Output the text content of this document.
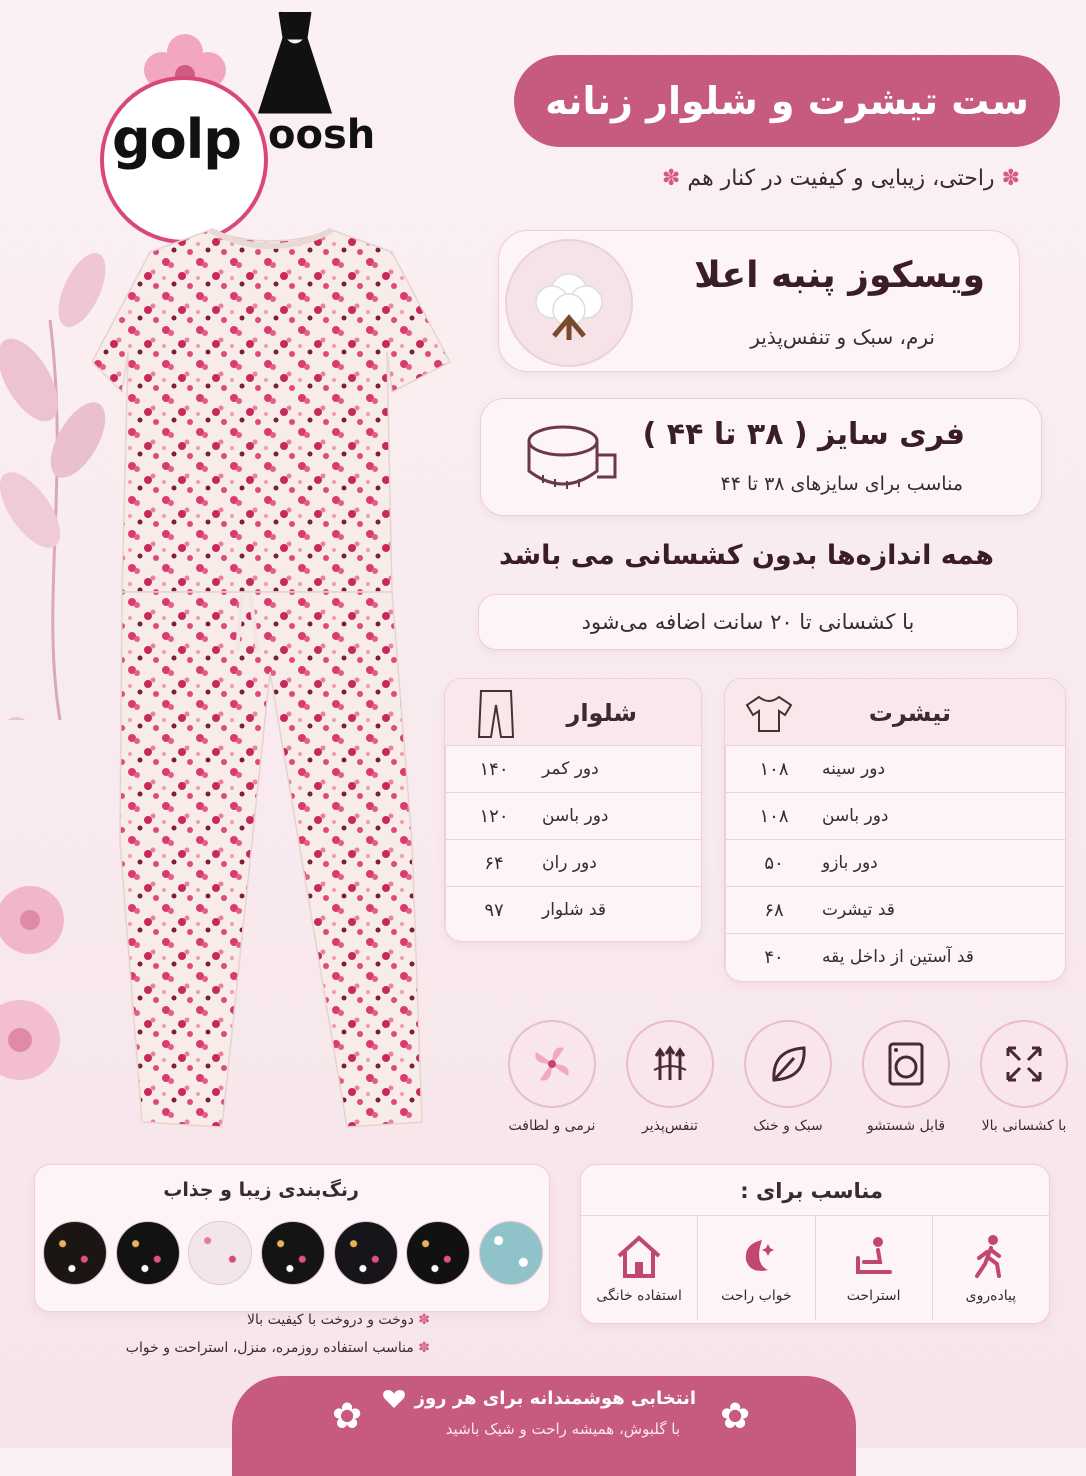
golp oosh
ست تیشرت و شلوار زنانه
✽ راحتی، زیبایی و کیفیت در کنار هم ✽
ویسکوز پنبه اعلا
نرم، سبک و تنفس‌پذیر
فری سایز ( ۳۸ تا ۴۴ )
مناسب برای سایزهای ۳۸ تا ۴۴
همه اندازه‌ها بدون کشسانی می باشد
با کشسانی تا ۲۰ سانت اضافه می‌شود
تیشرت
دور سینه
۱۰۸
دور باسن
۱۰۸
دور بازو
۵۰
قد تیشرت
۶۸
قد آستین از داخل یقه
۴۰
شلوار
دور کمر
۱۴۰
دور باسن
۱۲۰
دور ران
۶۴
قد شلوار
۹۷
با کشسانی بالا
قابل شستشو
سبک و خنک
تنفس‌پذیر
نرمی و لطافت
رنگ‌بندی زیبا و جذاب
✽ دوخت و دروخت با کیفیت بالا
✽ مناسب استفاده روزمره، منزل، استراحت و خواب
مناسب برای :
پیاده‌روی
استراحت
خواب راحت
استفاده خانگی
انتخابی هوشمندانه برای هر روز
با گلبوش، همیشه راحت و شیک باشید
✿	✿
